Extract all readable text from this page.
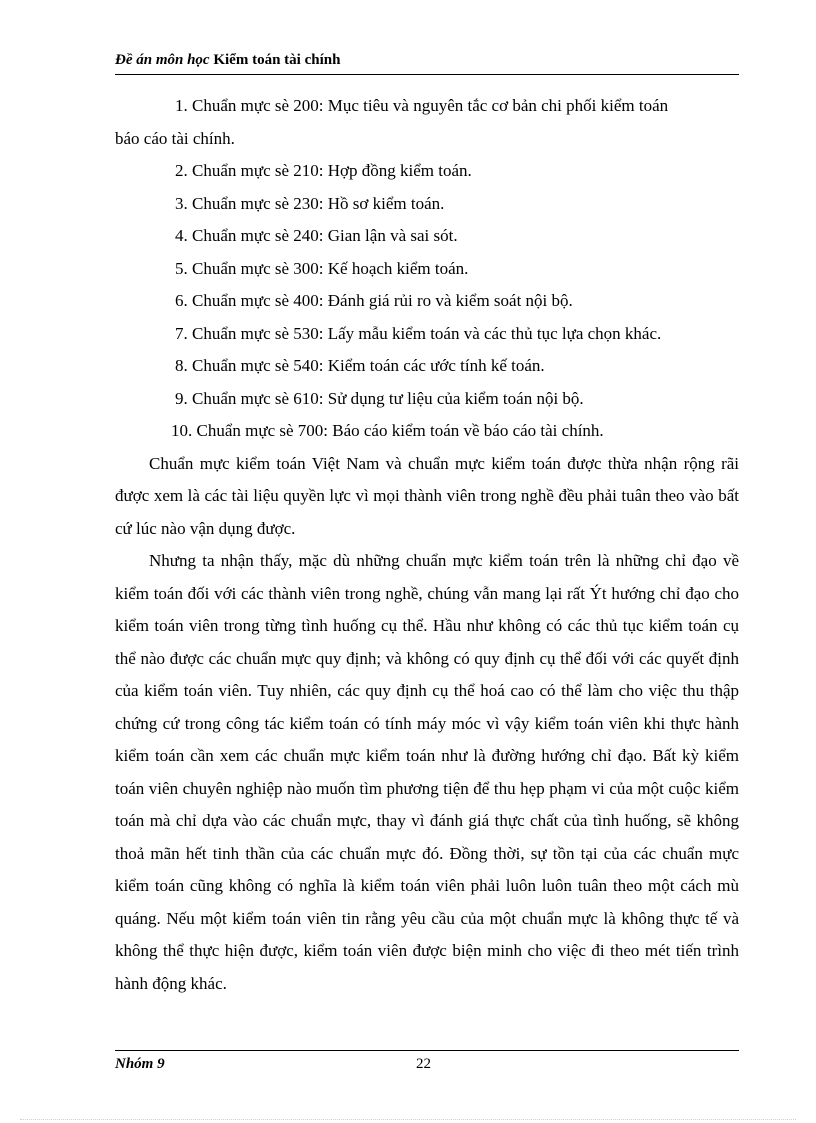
Đề án môn học Kiểm toán tài chính
1. Chuẩn mực sè 200: Mục tiêu và nguyên tắc cơ bản chi phối kiểm toán
báo cáo tài chính.
2. Chuẩn mực sè 210: Hợp đồng kiểm toán.
3. Chuẩn mực sè 230: Hồ sơ kiểm toán.
4. Chuẩn mực sè 240: Gian lận và sai sót.
5. Chuẩn mực sè 300: Kế hoạch kiểm toán.
6. Chuẩn mực sè 400: Đánh giá rủi ro và kiểm soát nội bộ.
7. Chuẩn mực sè 530: Lấy mẫu kiểm toán và các thủ tục lựa chọn khác.
8. Chuẩn mực sè 540: Kiểm toán các ước tính kế toán.
9. Chuẩn mực sè 610: Sử dụng tư liệu của kiểm toán nội bộ.
10. Chuẩn mực sè 700: Báo cáo kiểm toán về báo cáo tài chính.

Chuẩn mực kiểm toán Việt Nam và chuẩn mực kiểm toán được thừa nhận rộng rãi được xem là các tài liệu quyền lực vì mọi thành viên trong nghề đều phải tuân theo vào bất cứ lúc nào vận dụng được.

Nhưng ta nhận thấy, mặc dù những chuẩn mực kiểm toán trên là những chỉ đạo về kiểm toán đối với các thành viên trong nghề, chúng vẫn mang lại rất Ýt hướng chỉ đạo cho kiểm toán viên trong từng tình huống cụ thể. Hầu như không có các thủ tục kiểm toán cụ thể nào được các chuẩn mực quy định; và không có quy định cụ thể đối với các quyết định của kiểm toán viên. Tuy nhiên, các quy định cụ thể hoá cao có thể làm cho việc thu thập chứng cứ trong công tác kiểm toán có tính máy móc vì vậy kiểm toán viên khi thực hành kiểm toán cần xem các chuẩn mực kiểm toán như là đường hướng chỉ đạo. Bất kỳ kiểm toán viên chuyên nghiệp nào muốn tìm phương tiện để thu hẹp phạm vi của một cuộc kiểm toán mà chỉ dựa vào các chuẩn mực, thay vì đánh giá thực chất của tình huống, sẽ không thoả mãn hết tinh thần của các chuẩn mực đó. Đồng thời, sự tồn tại của các chuẩn mực kiểm toán cũng không có nghĩa là kiểm toán viên phải luôn luôn tuân theo một cách mù quáng. Nếu một kiểm toán viên tin rằng yêu cầu của một chuẩn mực là không thực tế và không thể thực hiện được, kiểm toán viên được biện minh cho việc đi theo mét tiến trình hành động khác.

Nhóm 9	22
